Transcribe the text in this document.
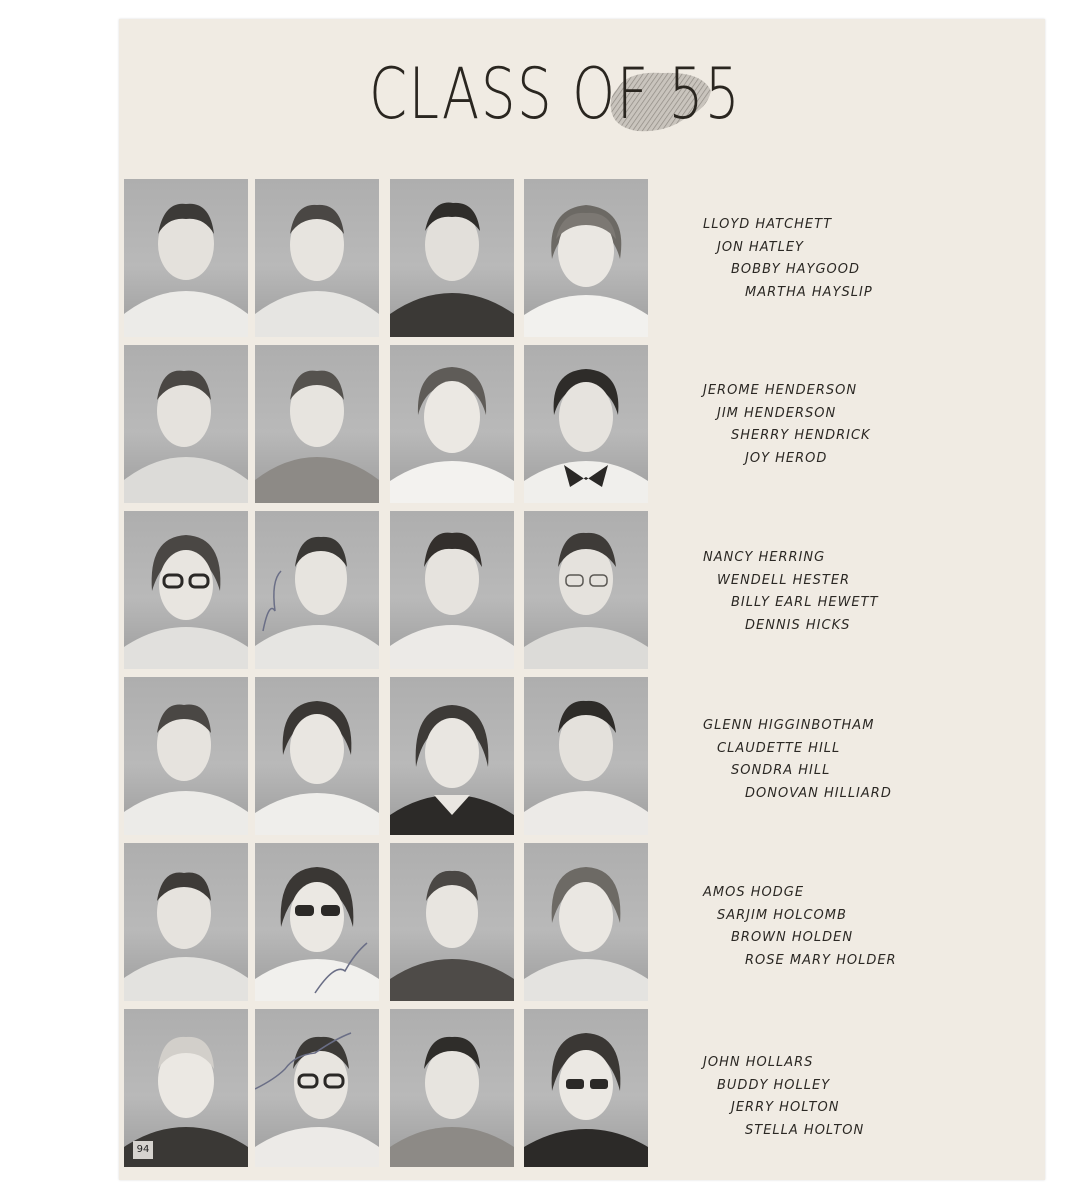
CLASS OF 55
LLOYD HATCHETT
JON HATLEY
BOBBY HAYGOOD
MARTHA HAYSLIP
JEROME HENDERSON
JIM HENDERSON
SHERRY HENDRICK
JOY HEROD
NANCY HERRING
WENDELL HESTER
BILLY EARL HEWETT
DENNIS HICKS
GLENN HIGGINBOTHAM
CLAUDETTE HILL
SONDRA HILL
DONOVAN HILLIARD
AMOS HODGE
SARJIM HOLCOMB
BROWN HOLDEN
ROSE MARY HOLDER
JOHN HOLLARS
BUDDY HOLLEY
JERRY HOLTON
STELLA HOLTON
94
